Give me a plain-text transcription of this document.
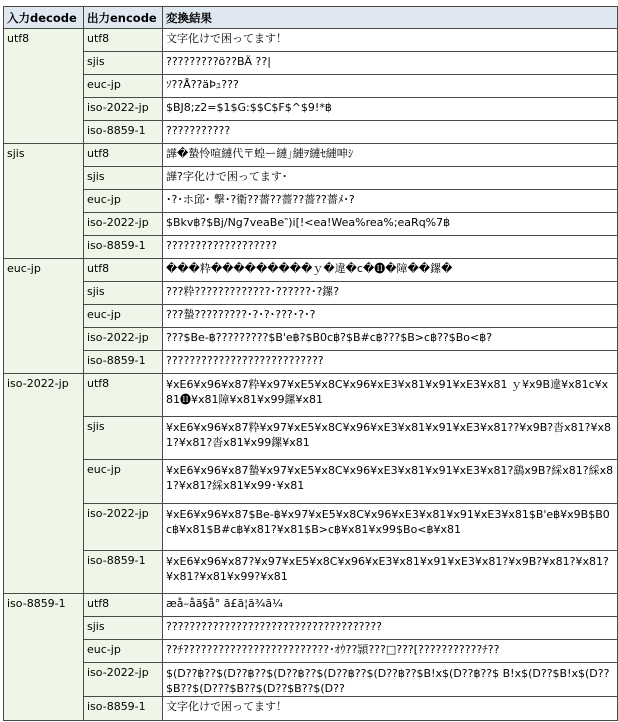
入力decode	出力encode	変換結果
utf8	utf8	文字化けで困ってます！
	sjis	?????????ö??BÄ ??|
	euc-jp	ｿ??Å??äÞｭ???
	iso-2022-jp	$BJ8;z2=$1$G:$$C$F$^$9!*฿
	iso-8859-1	???????????
sjis	utf8	譁�蟄怜喧縺代〒蝗ー縺｣縺ｦ縺ｾ縺呻ｼ
	sjis	譁?字化けで困ってます･
	euc-jp	･?･ホ邱･ 撃･?衛??薔??薔??薔??薔ﾒ･?
	iso-2022-jp	$Bkv฿?$Bj/Ng7veaBe‶)i[!<ea!Wea%rea%;eaRq%7฿
	iso-8859-1	???????????????????
euc-jp	utf8	���粋���������ｙ�違�c�⓫�障��鏍�
	sjis	???粋?????????????･??????･?鏍?
	euc-jp	???蟄?????????･?･?･???･?･?
	iso-2022-jp	???$Be-฿?????????$B'e฿?$B0c฿?$B#c฿???$B>c฿??$Bo<฿?
	iso-8859-1	???????????????????????????
iso-2022-jp	utf8	¥xE6¥x96¥x87粋¥x97¥xE5¥x8C¥x96¥xE3¥x81¥x91¥xE3¥x81 ｙ¥x9B違¥x81c¥x81⓫¥x81障¥x81¥x99鏍¥x81
	sjis	¥xE6¥x96¥x87粋¥x97¥xE5¥x8C¥x96¥xE3¥x81¥x91¥xE3¥x81??¥x9B?沓x81?¥x81?¥x81?沓x81¥x99鏍¥x81
	euc-jp	¥xE6¥x96¥x87蟄¥x97¥xE5¥x8C¥x96¥xE3¥x81¥x91¥xE3¥x81?鷂x9B?綵x81?綵x81?¥x81?綵x81¥x99･¥x81
	iso-2022-jp	¥xE6¥x96¥x87$Be-฿¥x97¥xE5¥x8C¥x96¥xE3¥x81¥x91¥xE3¥x81$B'e฿¥x9B$B0c฿¥x81$B#c฿¥x81?¥x81$B>c฿¥x81¥x99$Bo<฿¥x81
	iso-8859-1	¥xE6¥x96¥x87?¥x97¥xE5¥x8C¥x96¥xE3¥x81¥x91¥xE3¥x81?¥x9B?¥x81?¥x81?¥x81?¥x81¥x99?¥x81
iso-8859-1	utf8	æå–åã§å° ã£ã¦ã¾ã¼
	sjis	?????????????????????????????????????
	euc-jp	??ﾁ?????????????????????????･ｵｳ??頴???□???[???????????ﾁ??
	iso-2022-jp	$(D??฿??$(D??฿??$(D??฿??$(D??฿??$(D??฿??$B!x$(D??฿??$ B!x$(D??$B!x$(D??$B??$(D???$B??$(D??$B??$(D??
	iso-8859-1	文字化けで困ってます！
